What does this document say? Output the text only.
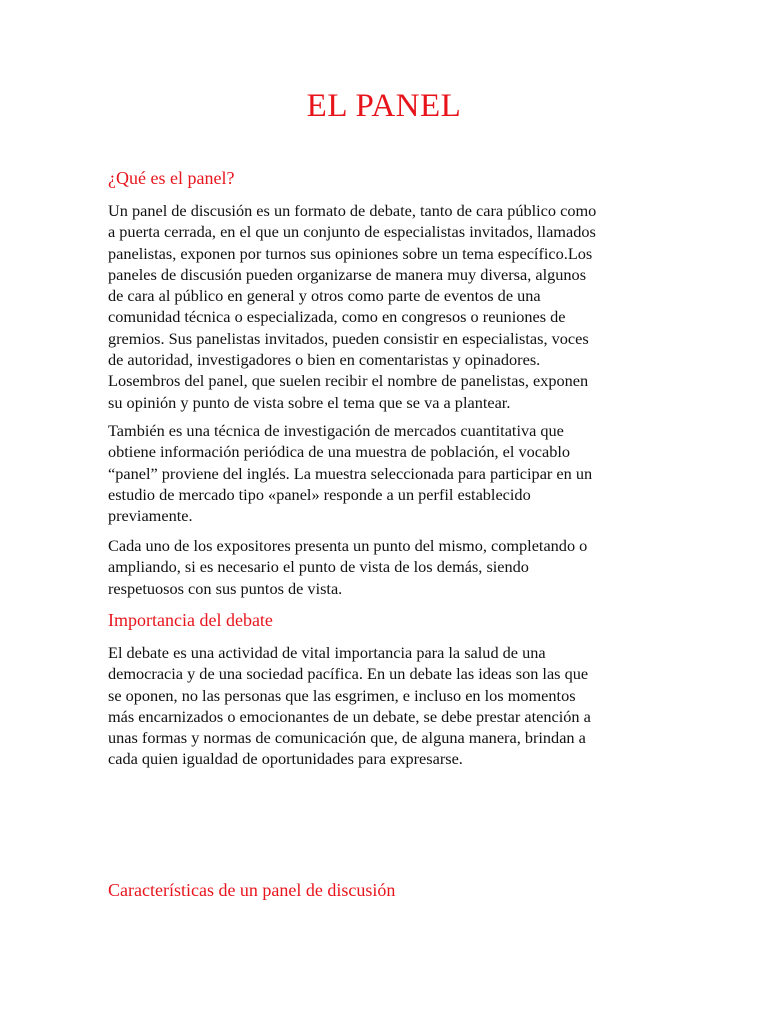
EL PANEL
¿Qué es el panel?

Un panel de discusión es un formato de debate, tanto de cara público como
a puerta cerrada, en el que un conjunto de especialistas invitados, llamados
panelistas, exponen por turnos sus opiniones sobre un tema específico.Los
paneles de discusión pueden organizarse de manera muy diversa, algunos
de cara al público en general y otros como parte de eventos de una
comunidad técnica o especializada, como en congresos o reuniones de
gremios. Sus panelistas invitados, pueden consistir en especialistas, voces
de autoridad, investigadores o bien en comentaristas y opinadores.
Losembros del panel, que suelen recibir el nombre de panelistas, exponen
su opinión y punto de vista sobre el tema que se va a plantear.

También es una técnica de investigación de mercados cuantitativa que
obtiene información periódica de una muestra de población, el vocablo
“panel” proviene del inglés. La muestra seleccionada para participar en un
estudio de mercado tipo «panel» responde a un perfil establecido
previamente.

Cada uno de los expositores presenta un punto del mismo, completando o
ampliando, si es necesario el punto de vista de los demás, siendo
respetuosos con sus puntos de vista.

Importancia del debate

El debate es una actividad de vital importancia para la salud de una
democracia y de una sociedad pacífica. En un debate las ideas son las que
se oponen, no las personas que las esgrimen, e incluso en los momentos
más encarnizados o emocionantes de un debate, se debe prestar atención a
unas formas y normas de comunicación que, de alguna manera, brindan a
cada quien igualdad de oportunidades para expresarse.

Características de un panel de discusión
